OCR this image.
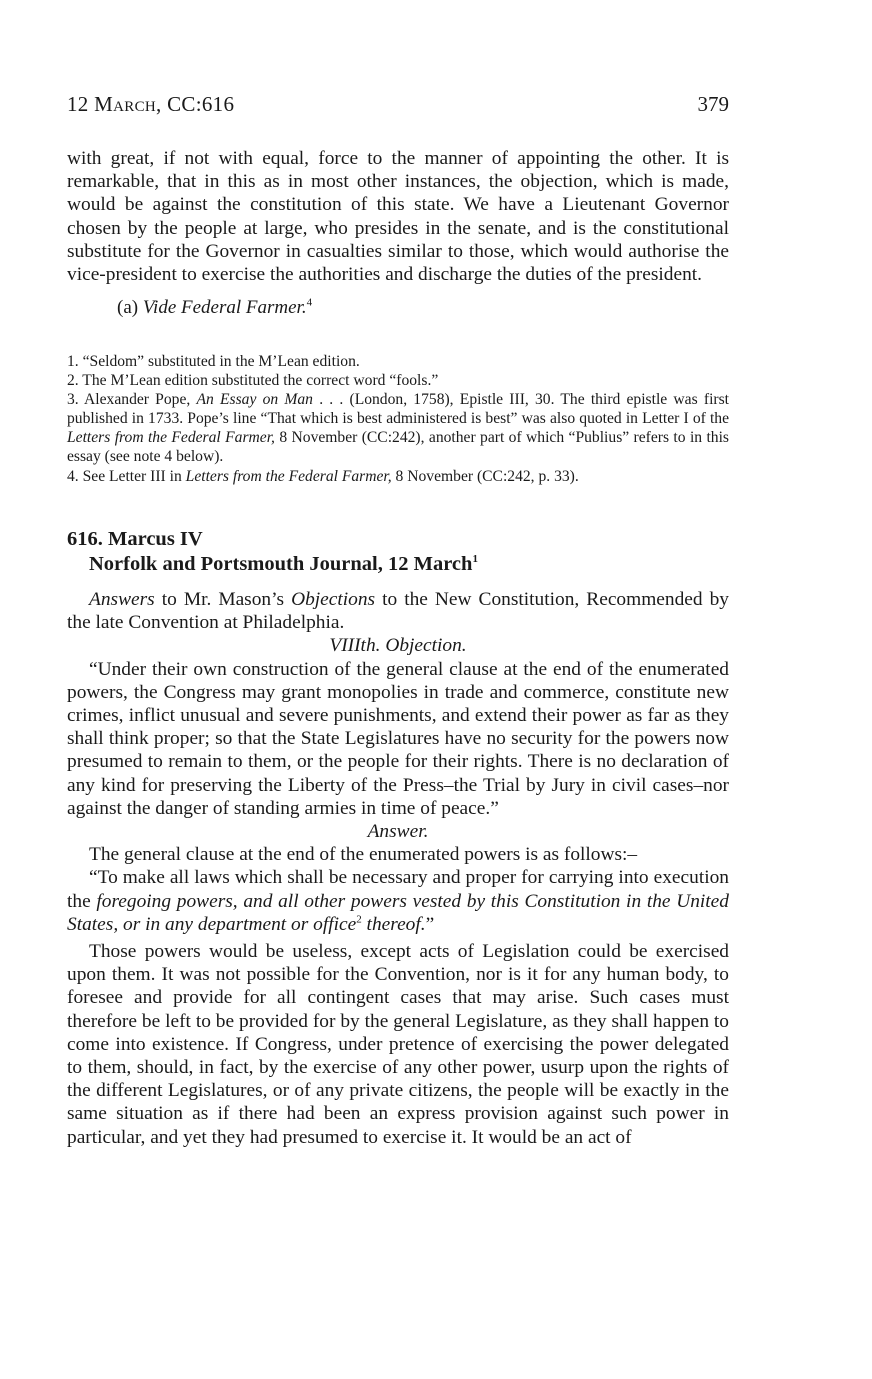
12 March, CC:616	379

with great, if not with equal, force to the manner of appointing the other. It is remarkable, that in this as in most other instances, the objection, which is made, would be against the constitution of this state. We have a Lieutenant Governor chosen by the people at large, who presides in the senate, and is the constitutional substitute for the Governor in casualties similar to those, which would authorise the vice-president to exercise the authorities and discharge the duties of the president.

(a) Vide Federal Farmer.$^4$

1. “Seldom” substituted in the M’Lean edition.

2. The M’Lean edition substituted the correct word “fools.”

3. Alexander Pope, An Essay on Man . . . (London, 1758), Epistle III, 30. The third epistle was first published in 1733. Pope’s line “That which is best administered is best” was also quoted in Letter I of the Letters from the Federal Farmer, 8 November (CC:242), another part of which “Publius” refers to in this essay (see note 4 below).

4. See Letter III in Letters from the Federal Farmer, 8 November (CC:242, p. 33).

616. Marcus IV
Norfolk and Portsmouth Journal, 12 March$^1$

Answers to Mr. Mason’s Objections to the New Constitution, Recommended by the late Convention at Philadelphia.

VIIIth. Objection.

“Under their own construction of the general clause at the end of the enumerated powers, the Congress may grant monopolies in trade and commerce, constitute new crimes, inflict unusual and severe punishments, and extend their power as far as they shall think proper; so that the State Legislatures have no security for the powers now presumed to remain to them, or the people for their rights. There is no declaration of any kind for preserving the Liberty of the Press–the Trial by Jury in civil cases–nor against the danger of standing armies in time of peace.”

Answer.

The general clause at the end of the enumerated powers is as follows:–

“To make all laws which shall be necessary and proper for carrying into execution the foregoing powers, and all other powers vested by this Constitution in the United States, or in any department or office$^2$ thereof.”

Those powers would be useless, except acts of Legislation could be exercised upon them. It was not possible for the Convention, nor is it for any human body, to foresee and provide for all contingent cases that may arise. Such cases must therefore be left to be provided for by the general Legislature, as they shall happen to come into existence. If Congress, under pretence of exercising the power delegated to them, should, in fact, by the exercise of any other power, usurp upon the rights of the different Legislatures, or of any private citizens, the people will be exactly in the same situation as if there had been an express provision against such power in particular, and yet they had presumed to exercise it. It would be an act of
